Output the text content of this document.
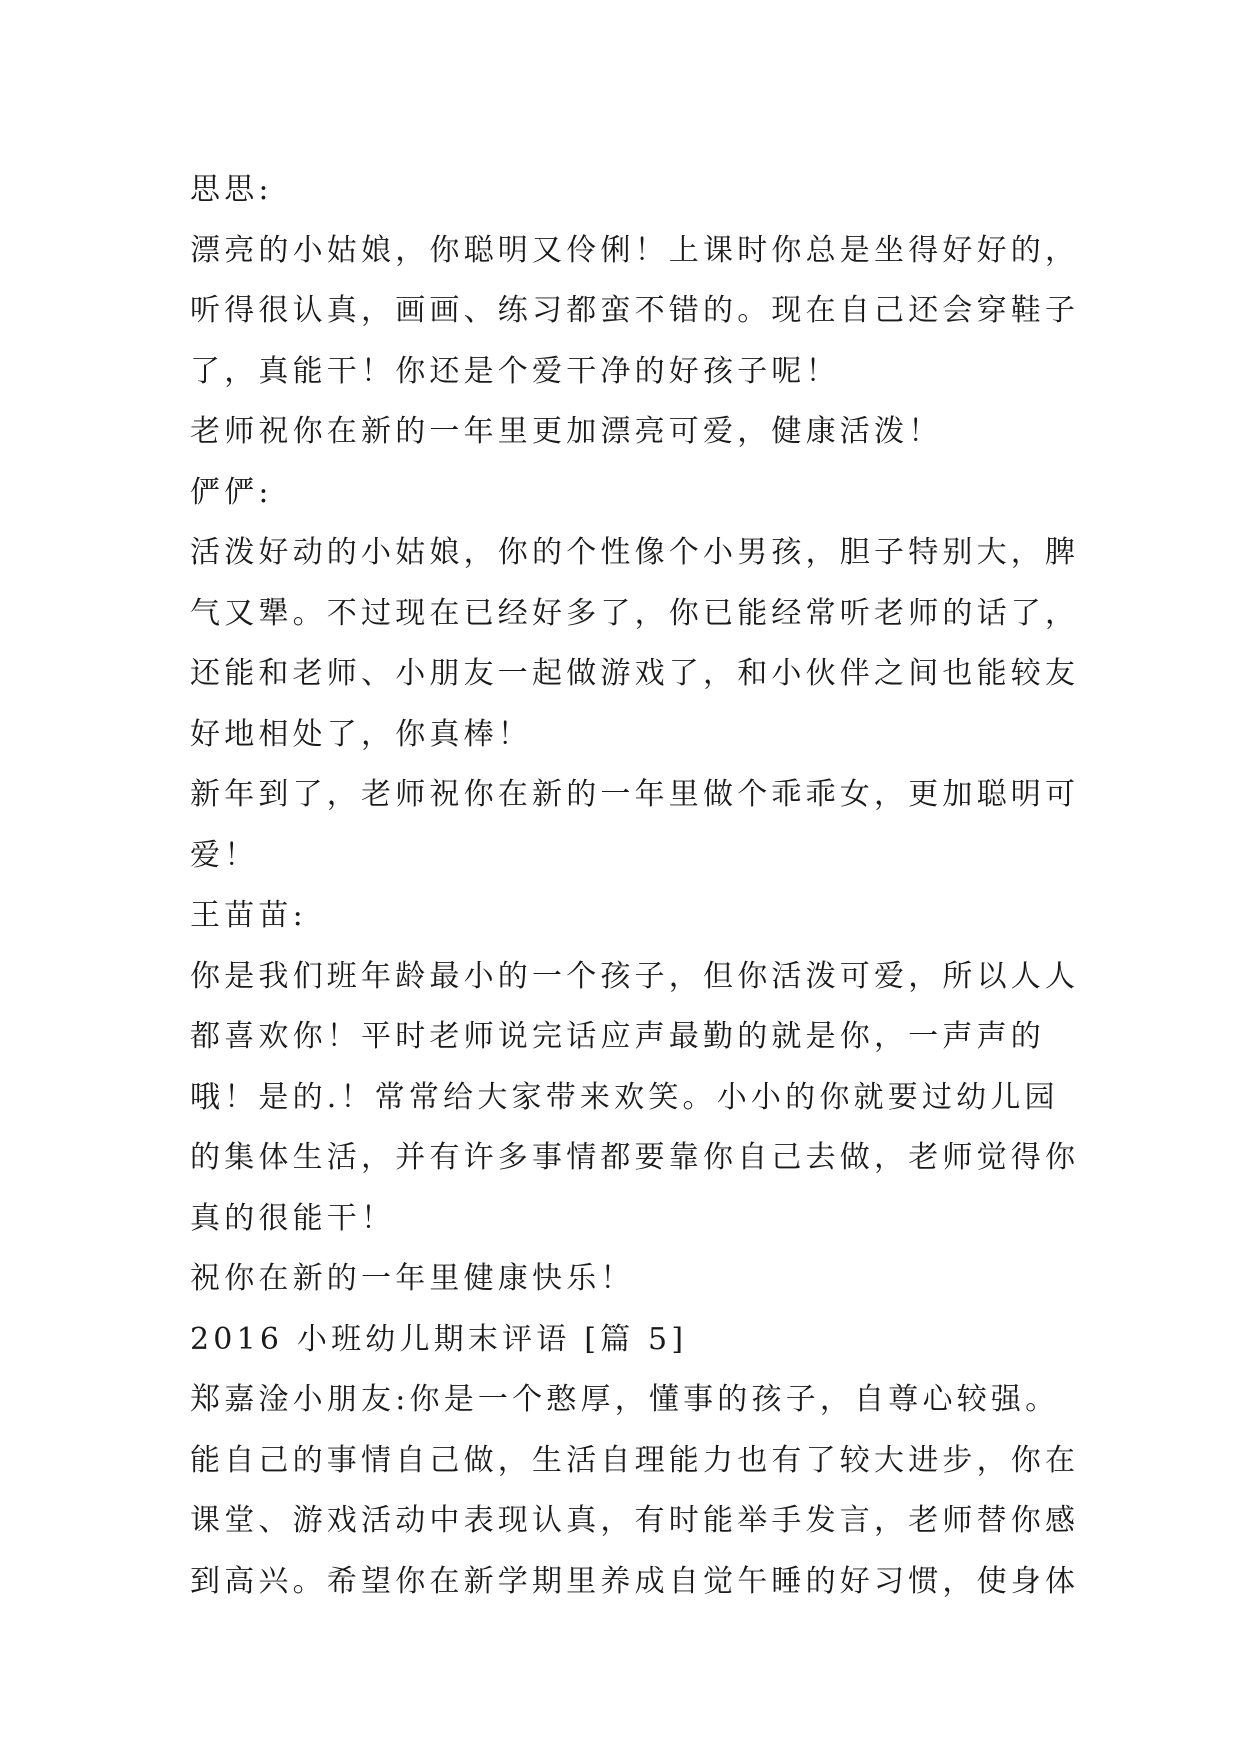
思思:
漂亮的小姑娘，你聪明又伶俐！上课时你总是坐得好好的，
听得很认真，画画、练习都蛮不错的。现在自己还会穿鞋子
了，真能干！你还是个爱干净的好孩子呢！
老师祝你在新的一年里更加漂亮可爱，健康活泼！
俨俨:
活泼好动的小姑娘，你的个性像个小男孩，胆子特别大，脾
气又犟。不过现在已经好多了，你已能经常听老师的话了，
还能和老师、小朋友一起做游戏了，和小伙伴之间也能较友
好地相处了，你真棒！
新年到了，老师祝你在新的一年里做个乖乖女，更加聪明可
爱！
王苗苗:
你是我们班年龄最小的一个孩子，但你活泼可爱，所以人人
都喜欢你！平时老师说完话应声最勤的就是你，一声声的
哦！是的.！常常给大家带来欢笑。小小的你就要过幼儿园
的集体生活，并有许多事情都要靠你自己去做，老师觉得你
真的很能干！
祝你在新的一年里健康快乐！
2016 小班幼儿期末评语 [篇 5]
郑嘉淦小朋友:你是一个憨厚，懂事的孩子，自尊心较强。
能自己的事情自己做，生活自理能力也有了较大进步，你在
课堂、游戏活动中表现认真，有时能举手发言，老师替你感
到高兴。希望你在新学期里养成自觉午睡的好习惯，使身体
